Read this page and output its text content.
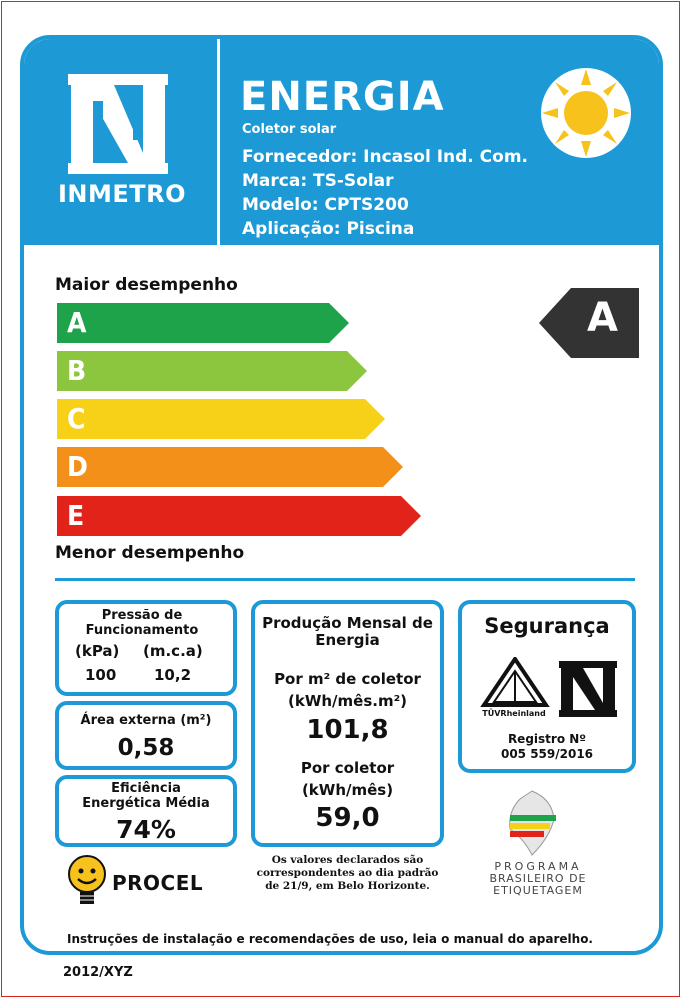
INMETRO
ENERGIA
Coletor solar
Fornecedor: Incasol Ind. Com.
Marca: TS-Solar
Modelo: CPTS200
Aplicação: Piscina
Maior desempenho
A
B
C
D
E
Menor desempenho
A
Pressão de Funcionamento
(kPa) (m.c.a)
100	10,2
Área externa (m²)
0,58
Eficiência Energética Média
74%
Produção Mensal de Energia
Por m² de coletor
(kWh/mês.m²)
101,8
Por coletor
(kWh/mês)
59,0
Segurança
TÜVRheinland
Registro Nº
005 559/2016
PROCEL
Os valores declarados são correspondentes ao dia padrão de 21/9, em Belo Horizonte.
PROGRAMA
BRASILEIRO DE
ETIQUETAGEM
Instruções de instalação e recomendações de uso, leia o manual do aparelho.
2012/XYZ
